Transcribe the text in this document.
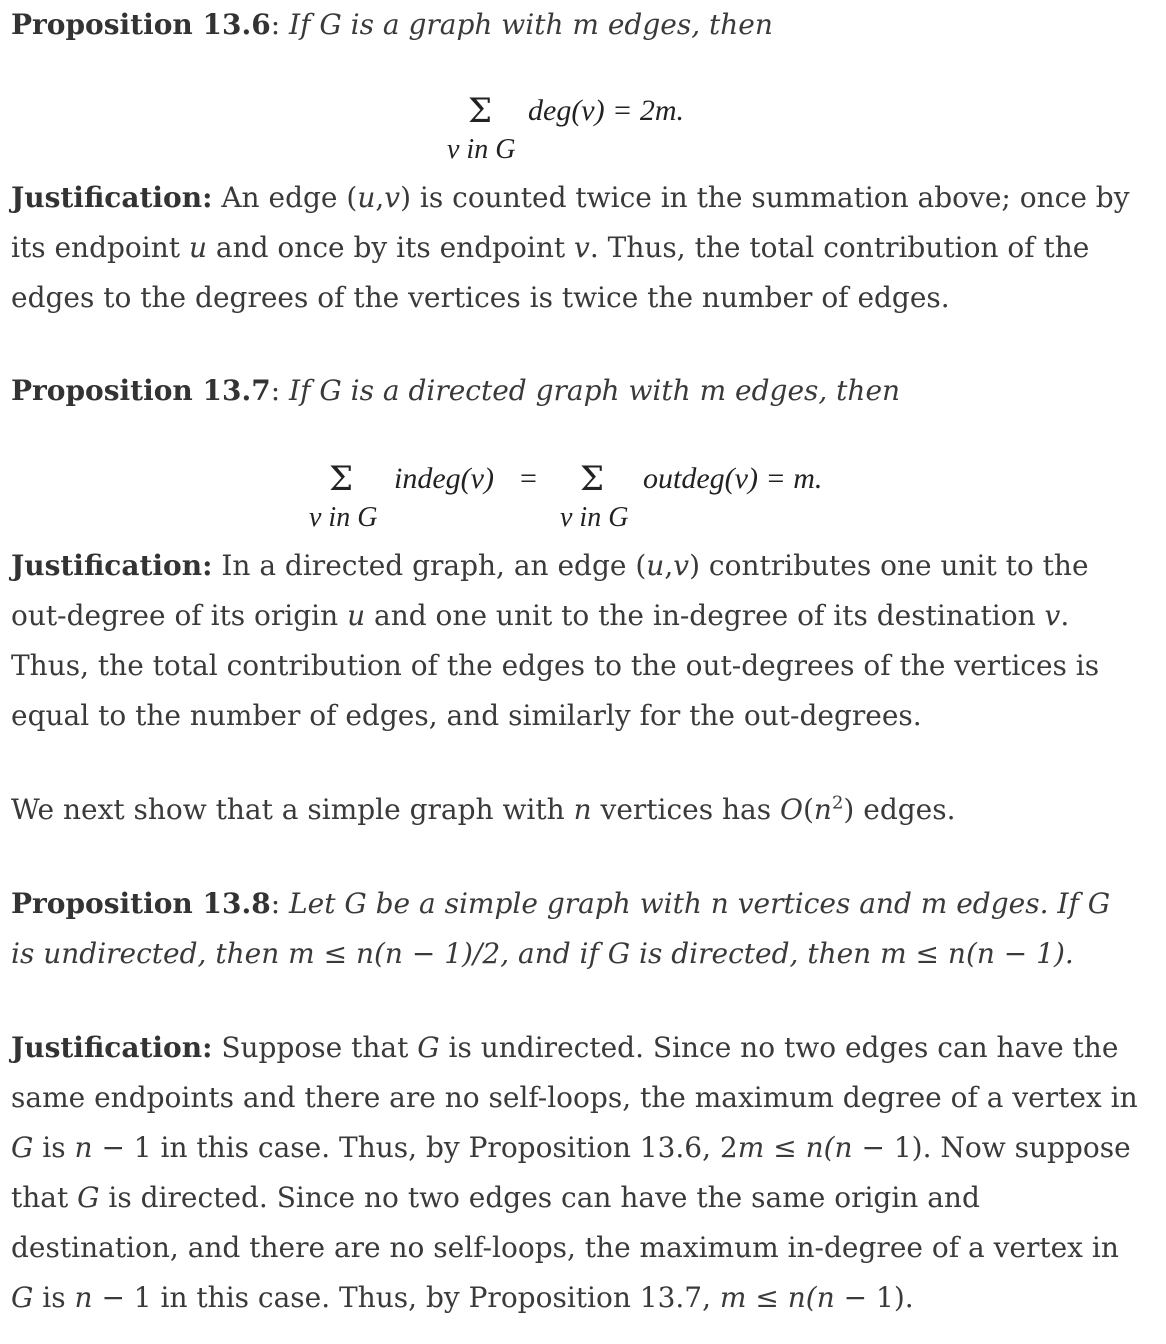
Proposition 13.6: If G is a graph with m edges, then

Σ deg(v) = 2m.
v in G

Justification: An edge (u,v) is counted twice in the summation above; once by its endpoint u and once by its endpoint v. Thus, the total contribution of the edges to the degrees of the vertices is twice the number of edges.

Proposition 13.7: If G is a directed graph with m edges, then

Σ indeg(v) = Σ outdeg(v) = m.
v in G	v in G

Justification: In a directed graph, an edge (u,v) contributes one unit to the out-degree of its origin u and one unit to the in-degree of its destination v. Thus, the total contribution of the edges to the out-degrees of the vertices is equal to the number of edges, and similarly for the out-degrees.

We next show that a simple graph with n vertices has $O(n^2)$ edges.

Proposition 13.8: Let G be a simple graph with n vertices and m edges. If G is undirected, then m ≤ n(n − 1)/2, and if G is directed, then m ≤ n(n − 1).

Justification: Suppose that G is undirected. Since no two edges can have the same endpoints and there are no self-loops, the maximum degree of a vertex in G is n − 1 in this case. Thus, by Proposition 13.6, 2m ≤ n(n − 1). Now suppose that G is directed. Since no two edges can have the same origin and destination, and there are no self-loops, the maximum in-degree of a vertex in G is n − 1 in this case. Thus, by Proposition 13.7, m ≤ n(n − 1).
